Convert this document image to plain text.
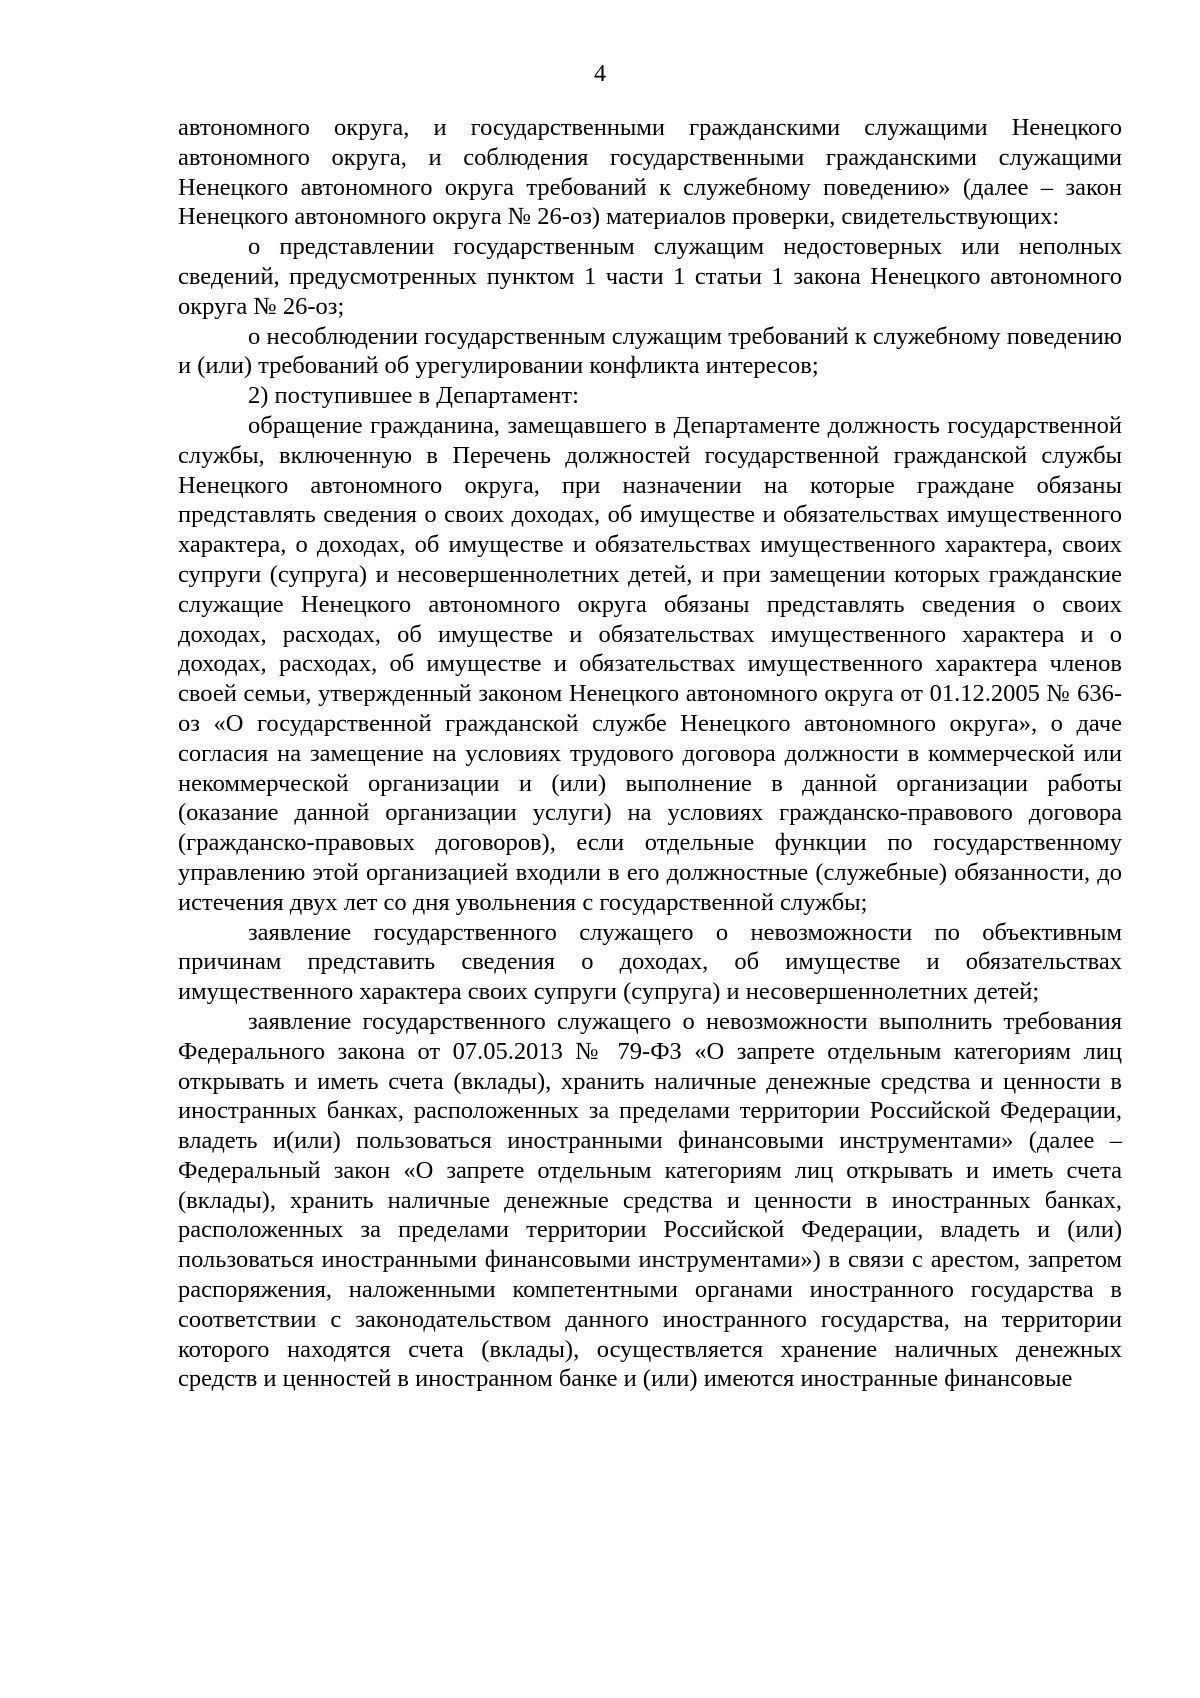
4

автономного округа, и государственными гражданскими служащими Ненецкого автономного округа, и соблюдения государственными гражданскими служащими Ненецкого автономного округа требований к служебному поведению» (далее – закон Ненецкого автономного округа № 26-оз) материалов проверки, свидетельствующих:

о представлении государственным служащим недостоверных или неполных сведений, предусмотренных пунктом 1 части 1 статьи 1 закона Ненецкого автономного округа № 26-оз;

о несоблюдении государственным служащим требований к служебному поведению и (или) требований об урегулировании конфликта интересов;

2) поступившее в Департамент:

обращение гражданина, замещавшего в Департаменте должность государственной службы, включенную в Перечень должностей государственной гражданской службы Ненецкого автономного округа, при назначении на которые граждане обязаны представлять сведения о своих доходах, об имуществе и обязательствах имущественного характера, о доходах, об имуществе и обязательствах имущественного характера, своих супруги (супруга) и несовершеннолетних детей, и при замещении которых гражданские служащие Ненецкого автономного округа обязаны представлять сведения о своих доходах, расходах, об имуществе и обязательствах имущественного характера и о доходах, расходах, об имуществе и обязательствах имущественного характера членов своей семьи, утвержденный законом Ненецкого автономного округа от 01.12.2005 № 636-оз «О государственной гражданской службе Ненецкого автономного округа», о даче согласия на замещение на условиях трудового договора должности в коммерческой или некоммерческой организации и (или) выполнение в данной организации работы (оказание данной организации услуги) на условиях гражданско-правового договора (гражданско-правовых договоров), если отдельные функции по государственному управлению этой организацией входили в его должностные (служебные) обязанности, до истечения двух лет со дня увольнения с государственной службы;

заявление государственного служащего о невозможности по объективным причинам представить сведения о доходах, об имуществе и обязательствах имущественного характера своих супруги (супруга) и несовершеннолетних детей;

заявление государственного служащего о невозможности выполнить требования Федерального закона от 07.05.2013 № 79-ФЗ «О запрете отдельным категориям лиц открывать и иметь счета (вклады), хранить наличные денежные средства и ценности в иностранных банках, расположенных за пределами территории Российской Федерации, владеть и(или) пользоваться иностранными финансовыми инструментами» (далее – Федеральный закон «О запрете отдельным категориям лиц открывать и иметь счета (вклады), хранить наличные денежные средства и ценности в иностранных банках, расположенных за пределами территории Российской Федерации, владеть и (или) пользоваться иностранными финансовыми инструментами») в связи с арестом, запретом распоряжения, наложенными компетентными органами иностранного государства в соответствии с законодательством данного иностранного государства, на территории которого находятся счета (вклады), осуществляется хранение наличных денежных средств и ценностей в иностранном банке и (или) имеются иностранные финансовые
